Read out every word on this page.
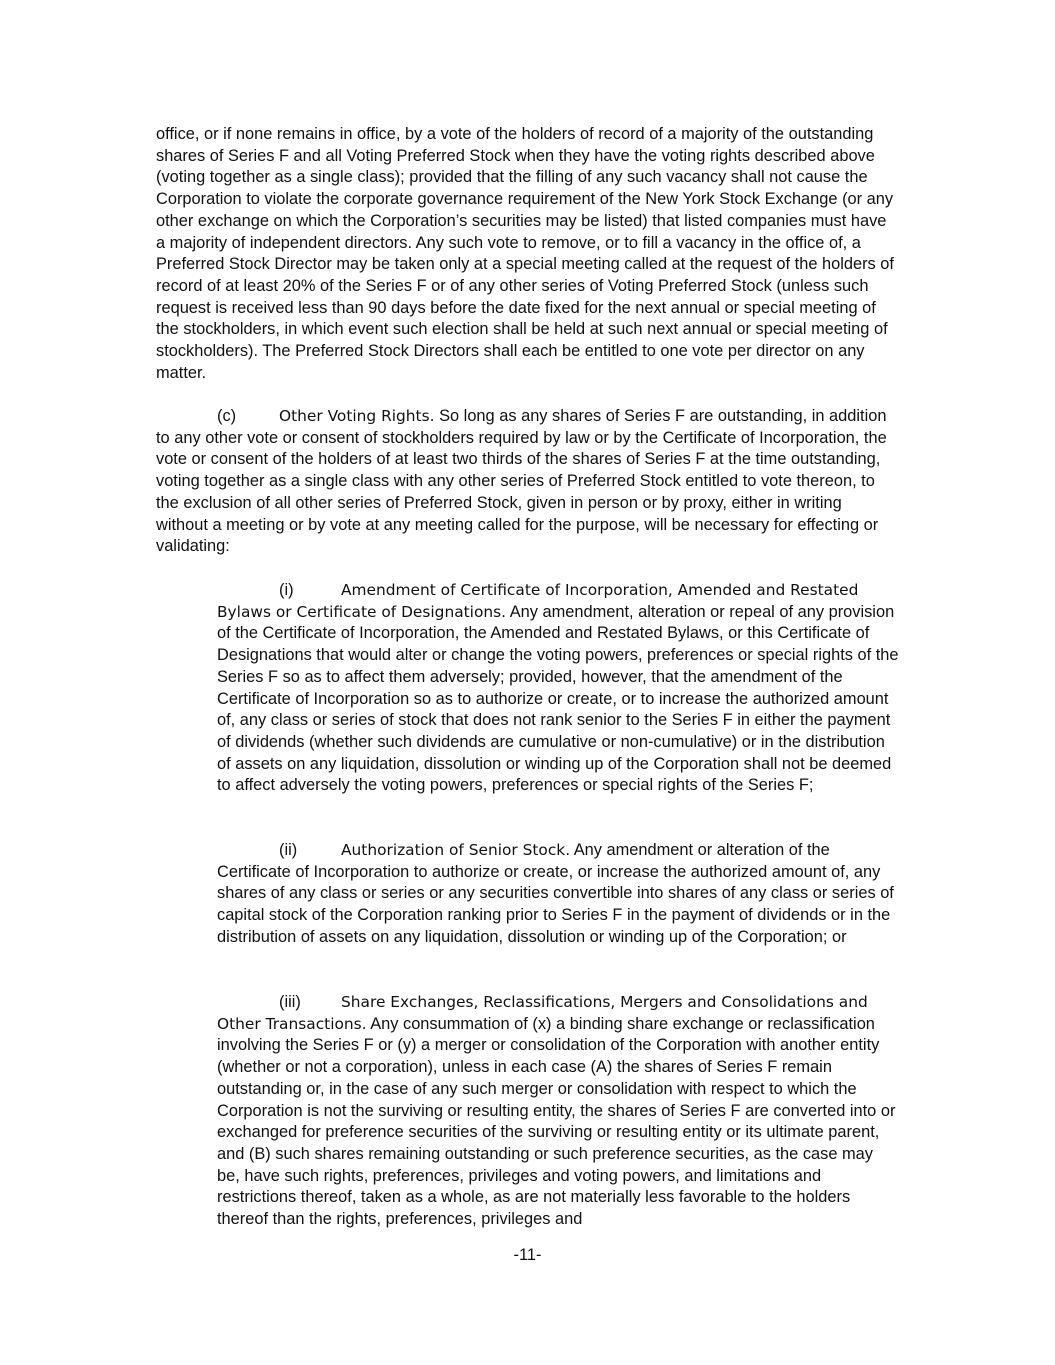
office, or if none remains in office, by a vote of the holders of record of a majority of the outstanding shares of Series F and all Voting Preferred Stock when they have the voting rights described above (voting together as a single class); provided that the filling of any such vacancy shall not cause the Corporation to violate the corporate governance requirement of the New York Stock Exchange (or any other exchange on which the Corporation’s securities may be listed) that listed companies must have a majority of independent directors. Any such vote to remove, or to fill a vacancy in the office of, a Preferred Stock Director may be taken only at a special meeting called at the request of the holders of record of at least 20% of the Series F or of any other series of Voting Preferred Stock (unless such request is received less than 90 days before the date fixed for the next annual or special meeting of the stockholders, in which event such election shall be held at such next annual or special meeting of stockholders). The Preferred Stock Directors shall each be entitled to one vote per director on any matter.

(c)	Other Voting Rights. So long as any shares of Series F are outstanding, in addition to any other vote or consent of stockholders required by law or by the Certificate of Incorporation, the vote or consent of the holders of at least two thirds of the shares of Series F at the time outstanding, voting together as a single class with any other series of Preferred Stock entitled to vote thereon, to the exclusion of all other series of Preferred Stock, given in person or by proxy, either in writing without a meeting or by vote at any meeting called for the purpose, will be necessary for effecting or validating:

(i)	Amendment of Certificate of Incorporation, Amended and Restated Bylaws or Certificate of Designations. Any amendment, alteration or repeal of any provision of the Certificate of Incorporation, the Amended and Restated Bylaws, or this Certificate of Designations that would alter or change the voting powers, preferences or special rights of the Series F so as to affect them adversely; provided, however, that the amendment of the Certificate of Incorporation so as to authorize or create, or to increase the authorized amount of, any class or series of stock that does not rank senior to the Series F in either the payment of dividends (whether such dividends are cumulative or non-cumulative) or in the distribution of assets on any liquidation, dissolution or winding up of the Corporation shall not be deemed to affect adversely the voting powers, preferences or special rights of the Series F;

(ii)	Authorization of Senior Stock. Any amendment or alteration of the Certificate of Incorporation to authorize or create, or increase the authorized amount of, any shares of any class or series or any securities convertible into shares of any class or series of capital stock of the Corporation ranking prior to Series F in the payment of dividends or in the distribution of assets on any liquidation, dissolution or winding up of the Corporation; or

(iii)	Share Exchanges, Reclassifications, Mergers and Consolidations and Other Transactions. Any consummation of (x) a binding share exchange or reclassification involving the Series F or (y) a merger or consolidation of the Corporation with another entity (whether or not a corporation), unless in each case (A) the shares of Series F remain outstanding or, in the case of any such merger or consolidation with respect to which the Corporation is not the surviving or resulting entity, the shares of Series F are converted into or exchanged for preference securities of the surviving or resulting entity or its ultimate parent, and (B) such shares remaining outstanding or such preference securities, as the case may be, have such rights, preferences, privileges and voting powers, and limitations and restrictions thereof, taken as a whole, as are not materially less favorable to the holders thereof than the rights, preferences, privileges and

-11-
